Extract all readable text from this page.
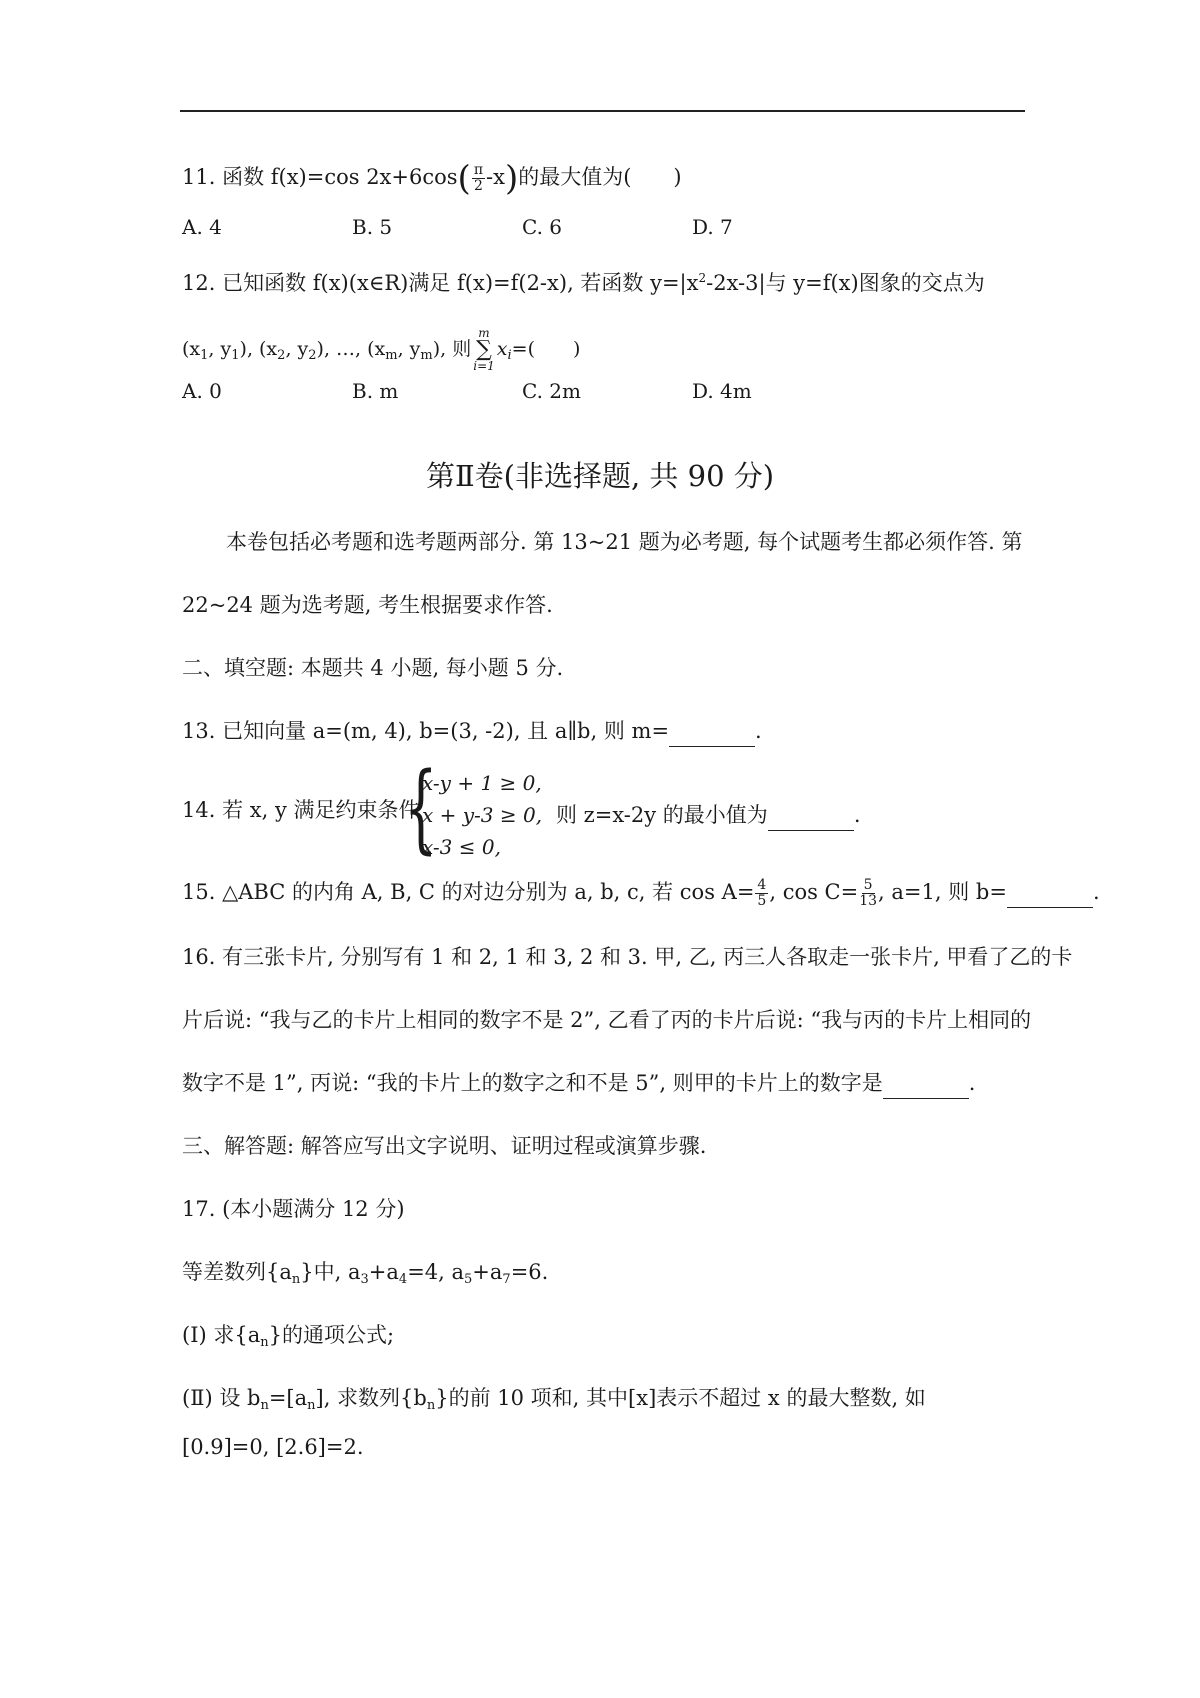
11. 函数 f(x)=cos $2x+6\cos( \frac{\pi}{2} -x)$的最大值为(　　)
A. 4	B. 5	C. 6	D. 7
12. 已知函数 f(x)(x∈R)满足 f(x)=f(2-x), 若函数 $y=|x^2-2x-3|$与 y=f(x)图象的交点为
($x_1$, $y_1$), ($x_2$, $y_2$), …, ($x_m$, $y_m$), 则
m
∑
i=1
$x_i=$(　　)
A. 0	B. m	C. 2m	D. 4m
第Ⅱ卷(非选择题, 共 90 分)
本卷包括必考题和选考题两部分. 第 13~21 题为必考题, 每个试题考生都必须作答. 第
22~24 题为选考题, 考生根据要求作答.
二、填空题: 本题共 4 小题, 每小题 5 分.
13. 已知向量 a=(m, 4), b=(3, -2), 且 a∥b, 则 m=	.
14. 若 x, y 满足约束条件
{
x-y + 1 ≥ 0,
x + y-3 ≥ 0,
x-3 ≤ 0,
则 z=x-2y 的最小值为	.
15. △ABC 的内角 A, B, C 的对边分别为 a, b, c, 若 $\cos A= \frac{4}{5}$ , $\cos C= \frac{5}{13}$ , a=1, 则 b=	.
16. 有三张卡片, 分别写有 1 和 2, 1 和 3, 2 和 3. 甲, 乙, 丙三人各取走一张卡片, 甲看了乙的卡
片后说: “我与乙的卡片上相同的数字不是 2”, 乙看了丙的卡片后说: “我与丙的卡片上相同的
数字不是 1”, 丙说: “我的卡片上的数字之和不是 5”, 则甲的卡片上的数字是	.
三、解答题: 解答应写出文字说明、证明过程或演算步骤.
17. (本小题满分 12 分)
等差数列$\{a_n\}$中, $a_3+a_4=4$, $a_5+a_7=6$.
(Ⅰ) 求$\{a_n\}$的通项公式;
(Ⅱ) 设 $b_n=[a_n]$, 求数列$\{b_n\}$的前 10 项和, 其中[x]表示不超过 x 的最大整数, 如
[0.9]=0, [2.6]=2.
